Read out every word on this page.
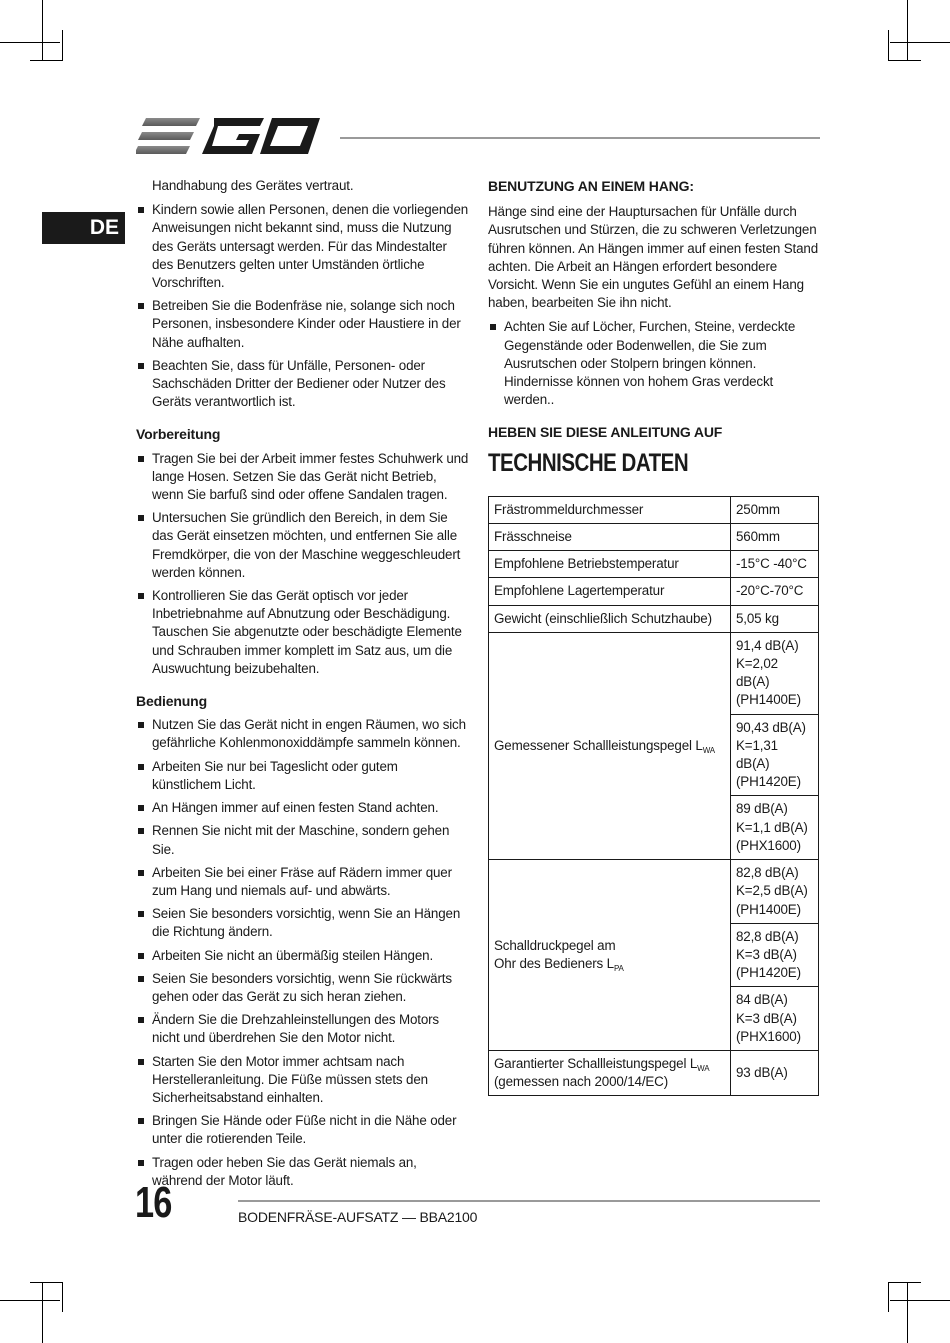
DE

Handhabung des Gerätes vertraut.

Kindern sowie allen Personen, denen die vorliegenden Anweisungen nicht bekannt sind, muss die Nutzung des Geräts untersagt werden. Für das Mindestalter des Benutzers gelten unter Umständen örtliche Vorschriften.
Betreiben Sie die Bodenfräse nie, solange sich noch Personen, insbesondere Kinder oder Haustiere in der Nähe aufhalten.
Beachten Sie, dass für Unfälle, Personen- oder Sachschäden Dritter der Bediener oder Nutzer des Geräts verantwortlich ist.
Vorbereitung
Tragen Sie bei der Arbeit immer festes Schuhwerk und lange Hosen. Setzen Sie das Gerät nicht Betrieb, wenn Sie barfuß sind oder offene Sandalen tragen.
Untersuchen Sie gründlich den Bereich, in dem Sie das Gerät einsetzen möchten, und entfernen Sie alle Fremdkörper, die von der Maschine weggeschleudert werden können.
Kontrollieren Sie das Gerät optisch vor jeder Inbetriebnahme auf Abnutzung oder Beschädigung. Tauschen Sie abgenutzte oder beschädigte Elemente und Schrauben immer komplett im Satz aus, um die Auswuchtung beizubehalten.
Bedienung
Nutzen Sie das Gerät nicht in engen Räumen, wo sich gefährliche Kohlenmonoxiddämpfe sammeln können.
Arbeiten Sie nur bei Tageslicht oder gutem künstlichem Licht.
An Hängen immer auf einen festen Stand achten.
Rennen Sie nicht mit der Maschine, sondern gehen Sie.
Arbeiten Sie bei einer Fräse auf Rädern immer quer zum Hang und niemals auf- und abwärts.
Seien Sie besonders vorsichtig, wenn Sie an Hängen die Richtung ändern.
Arbeiten Sie nicht an übermäßig steilen Hängen.
Seien Sie besonders vorsichtig, wenn Sie rückwärts gehen oder das Gerät zu sich heran ziehen.
Ändern Sie die Drehzahleinstellungen des Motors nicht und überdrehen Sie den Motor nicht.
Starten Sie den Motor immer achtsam nach Herstelleranleitung. Die Füße müssen stets den Sicherheitsabstand einhalten.
Bringen Sie Hände oder Füße nicht in die Nähe oder unter die rotierenden Teile.
Tragen oder heben Sie das Gerät niemals an, während der Motor läuft.
BENUTZUNG AN EINEM HANG:

Hänge sind eine der Hauptursachen für Unfälle durch Ausrutschen und Stürzen, die zu schweren Verletzungen führen können. An Hängen immer auf einen festen Stand achten. Die Arbeit an Hängen erfordert besondere Vorsicht. Wenn Sie ein ungutes Gefühl an einem Hang haben, bearbeiten Sie ihn nicht.

Achten Sie auf Löcher, Furchen, Steine, verdeckte Gegenstände oder Bodenwellen, die Sie zum Ausrutschen oder Stolpern bringen können. Hindernisse können von hohem Gras verdeckt werden..
HEBEN SIE DIESE ANLEITUNG AUF
TECHNISCHE DATEN
Frästrommeldurchmesser	250mm
Frässchneise	560mm
Empfohlene Betriebstemperatur	-15°C -40°C
Empfohlene Lagertemperatur	-20°C-70°C
Gewicht (einschließlich Schutzhaube)	5,05 kg
Gemessener Schallleistungspegel $L_{WA}$	91,4 dB(A)
K=2,02 dB(A)
(PH1400E)
	90,43 dB(A)
K=1,31 dB(A)
(PH1420E)
	89 dB(A)
K=1,1 dB(A)
(PHX1600)
Schalldruckpegel am
Ohr des Bedieners $L_{PA}$	82,8 dB(A)
K=2,5 dB(A)
(PH1400E)
	82,8 dB(A)
K=3 dB(A)
(PH1420E)
	84 dB(A)
K=3 dB(A)
(PHX1600)
Garantierter Schallleistungspegel $L_{WA}$
(gemessen nach 2000/14/EC)	93 dB(A)
16	BODENFRÄSE-AUFSATZ — BBA2100
